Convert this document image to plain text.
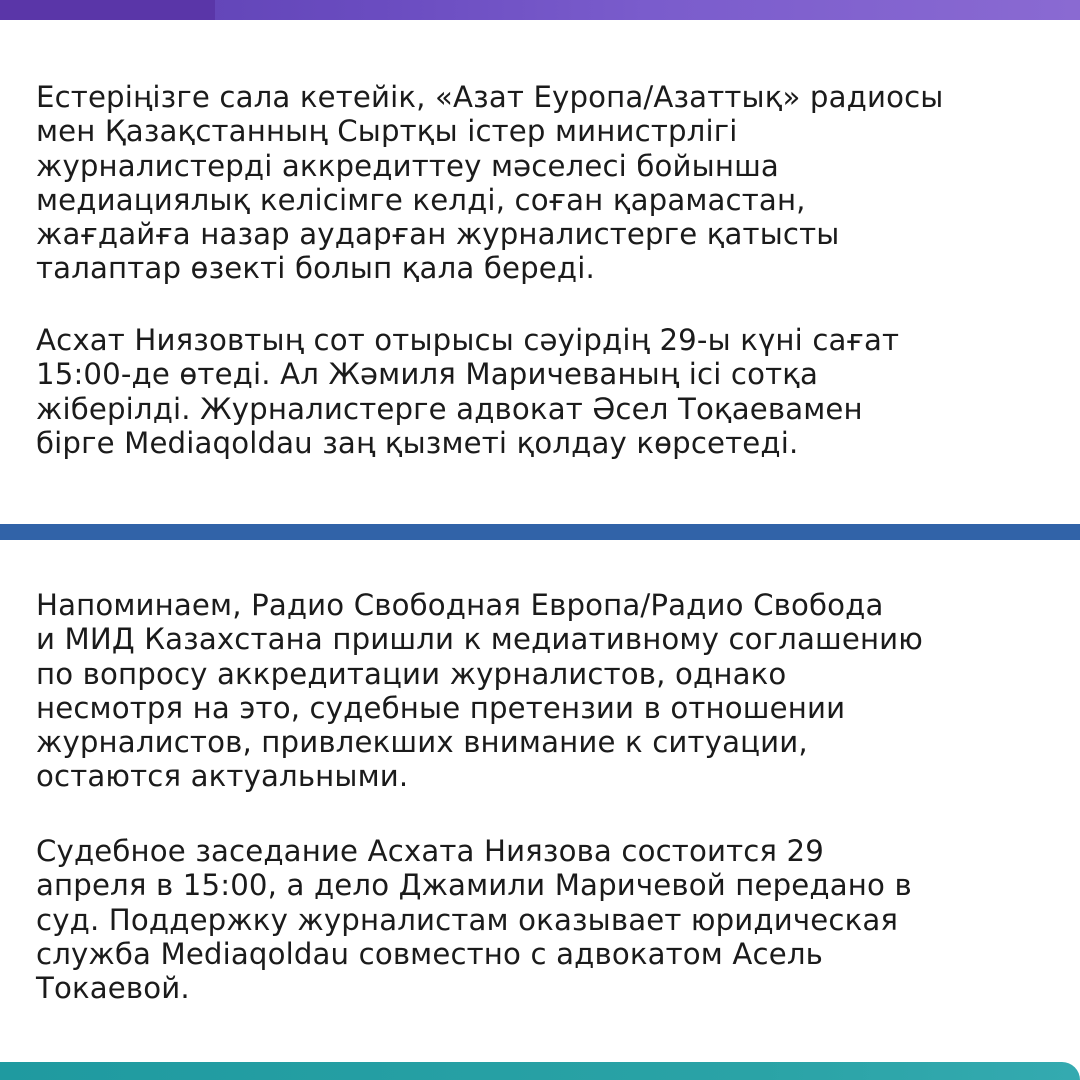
Естеріңізге сала кетейік, «Азат Еуропа/Азаттық» радиосы
мен Қазақстанның Сыртқы істер министрлігі
журналистерді аккредиттеу мәселесі бойынша
медиациялық келісімге келді, соған қарамастан,
жағдайға назар аударған журналистерге қатысты
талаптар өзекті болып қала береді.
Асхат Ниязовтың сот отырысы сәуірдің 29-ы күні сағат
15:00-де өтеді. Ал Жәмиля Маричеваның ісі сотқа
жіберілді. Журналистерге адвокат Әсел Тоқаевамен
бірге Mediaqoldau заң қызметі қолдау көрсетеді.
Напоминаем, Радио Свободная Европа/Радио Свобода
и МИД Казахстана пришли к медиативному соглашению
по вопросу аккредитации журналистов, однако
несмотря на это, судебные претензии в отношении
журналистов, привлекших внимание к ситуации,
остаются актуальными.
Судебное заседание Асхата Ниязова состоится 29
апреля в 15:00, а дело Джамили Маричевой передано в
суд. Поддержку журналистам оказывает юридическая
служба Mediaqoldau совместно с адвокатом Асель
Токаевой.
